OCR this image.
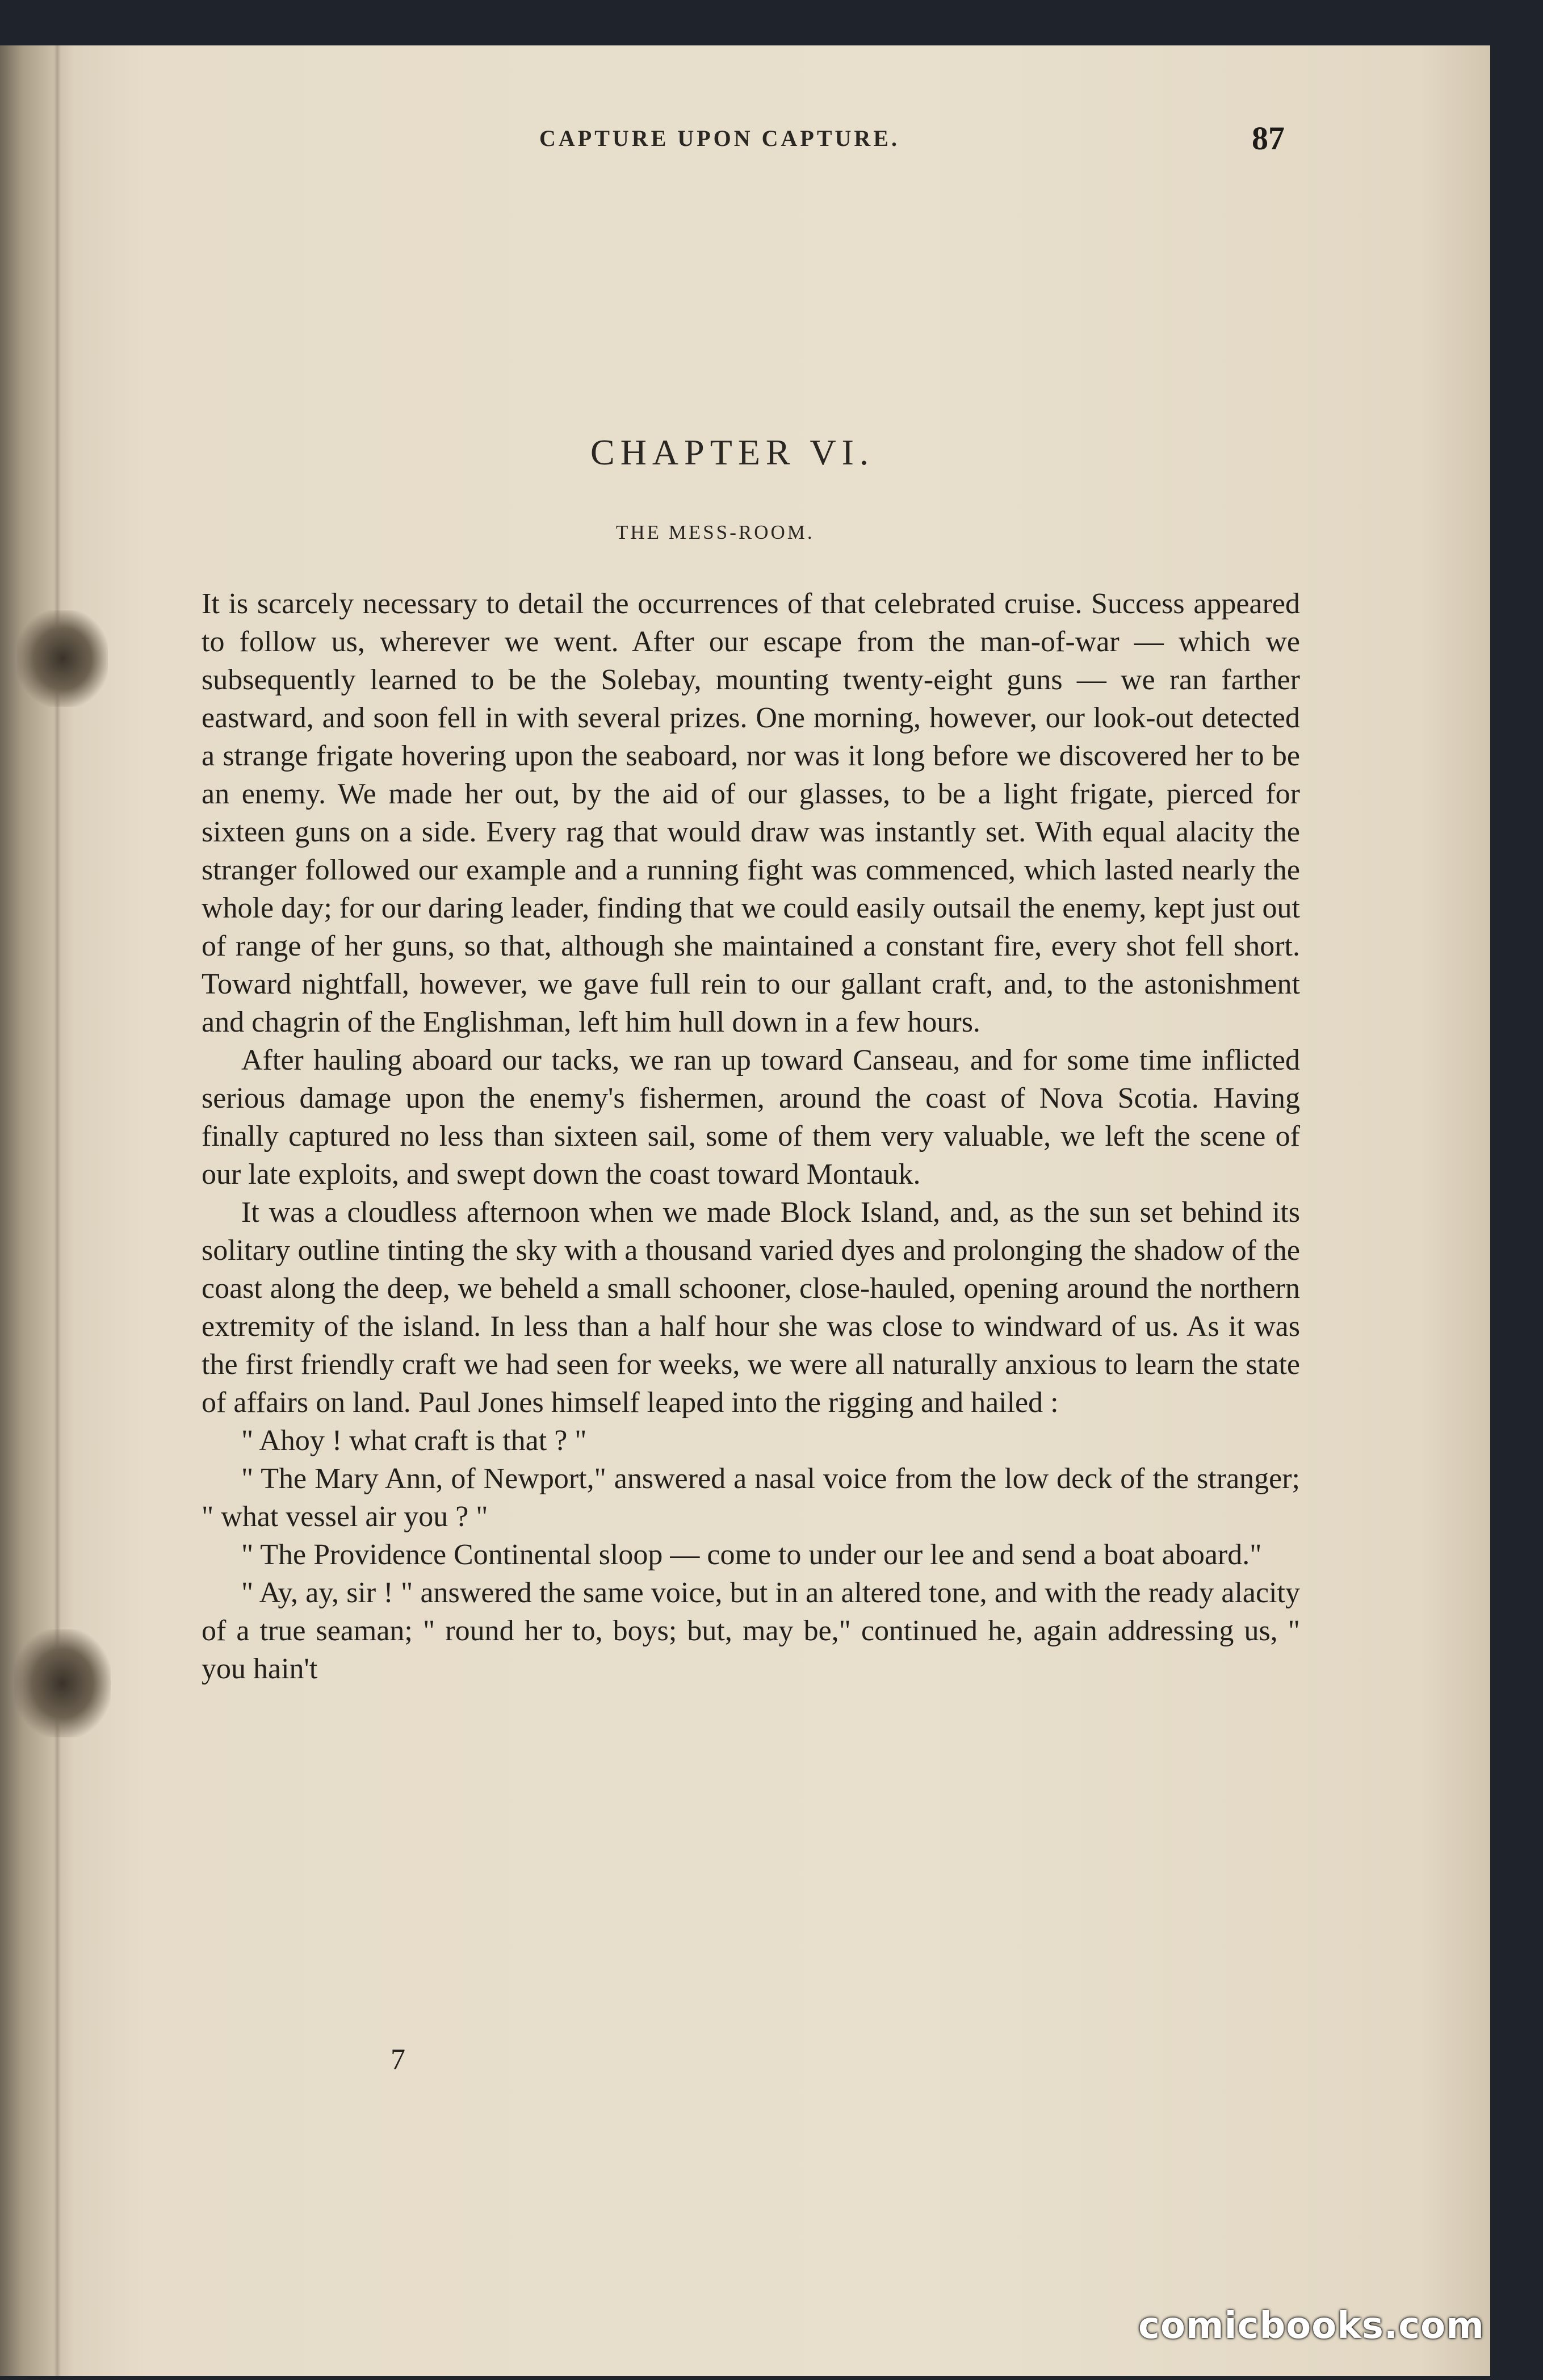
CAPTURE UPON CAPTURE.	87
CHAPTER VI.
THE MESS-ROOM.

It is scarcely necessary to detail the occurrences of that celebrated cruise. Success appeared to follow us, wherever we went. After our escape from the man-of-war — which we subsequently learned to be the Solebay, mounting twenty-eight guns — we ran farther eastward, and soon fell in with several prizes. One morning, however, our look-out detected a strange frigate hovering upon the seaboard, nor was it long before we discovered her to be an enemy. We made her out, by the aid of our glasses, to be a light frigate, pierced for sixteen guns on a side. Every rag that would draw was instantly set. With equal alacity the stranger followed our example and a running fight was commenced, which lasted nearly the whole day; for our daring leader, finding that we could easily outsail the enemy, kept just out of range of her guns, so that, although she maintained a constant fire, every shot fell short. Toward nightfall, however, we gave full rein to our gallant craft, and, to the astonishment and chagrin of the Englishman, left him hull down in a few hours.

After hauling aboard our tacks, we ran up toward Canseau, and for some time inflicted serious damage upon the enemy's fishermen, around the coast of Nova Scotia. Having finally captured no less than sixteen sail, some of them very valuable, we left the scene of our late exploits, and swept down the coast toward Montauk.

It was a cloudless afternoon when we made Block Island, and, as the sun set behind its solitary outline tinting the sky with a thousand varied dyes and prolonging the shadow of the coast along the deep, we beheld a small schooner, close-hauled, opening around the northern extremity of the island. In less than a half hour she was close to windward of us. As it was the first friendly craft we had seen for weeks, we were all naturally anxious to learn the state of affairs on land. Paul Jones himself leaped into the rigging and hailed :

" Ahoy ! what craft is that ? "

" The Mary Ann, of Newport," answered a nasal voice from the low deck of the stranger; " what vessel air you ? "

" The Providence Continental sloop — come to under our lee and send a boat aboard."

" Ay, ay, sir ! " answered the same voice, but in an altered tone, and with the ready alacity of a true seaman; " round her to, boys; but, may be," continued he, again addressing us, " you hain't

7
comicbooks.com
